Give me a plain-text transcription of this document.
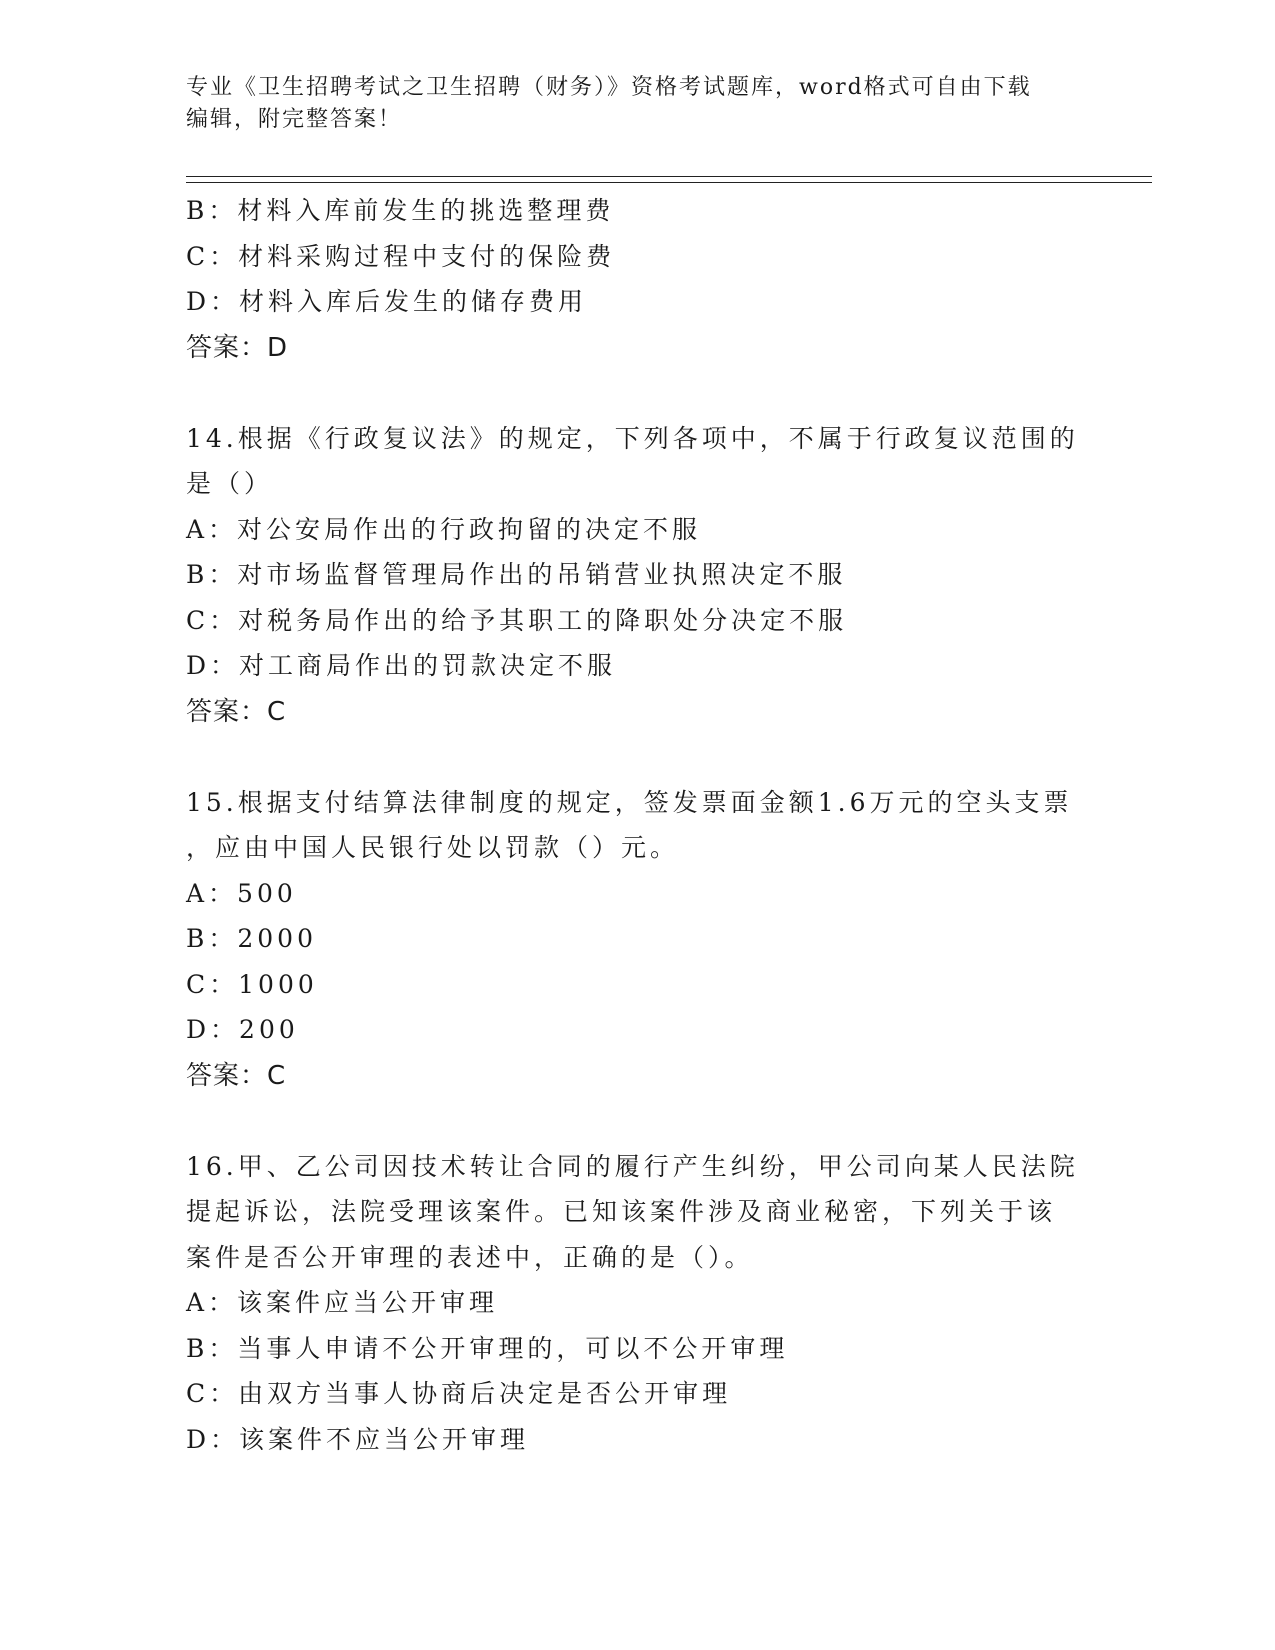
专业《卫生招聘考试之卫生招聘（财务）》资格考试题库，word格式可自由下载
编辑，附完整答案！
B：材料入库前发生的挑选整理费
C：材料采购过程中支付的保险费
D：材料入库后发生的储存费用
答案：D
14.根据《行政复议法》的规定，下列各项中，不属于行政复议范围的
是（）
A：对公安局作出的行政拘留的决定不服
B：对市场监督管理局作出的吊销营业执照决定不服
C：对税务局作出的给予其职工的降职处分决定不服
D：对工商局作出的罚款决定不服
答案：C
15.根据支付结算法律制度的规定，签发票面金额1.6万元的空头支票
，应由中国人民银行处以罚款（）元。
A：500
B：2000
C：1000
D：200
答案：C
16.甲、乙公司因技术转让合同的履行产生纠纷，甲公司向某人民法院
提起诉讼，法院受理该案件。已知该案件涉及商业秘密，下列关于该
案件是否公开审理的表述中，正确的是（）。
A：该案件应当公开审理
B：当事人申请不公开审理的，可以不公开审理
C：由双方当事人协商后决定是否公开审理
D：该案件不应当公开审理
